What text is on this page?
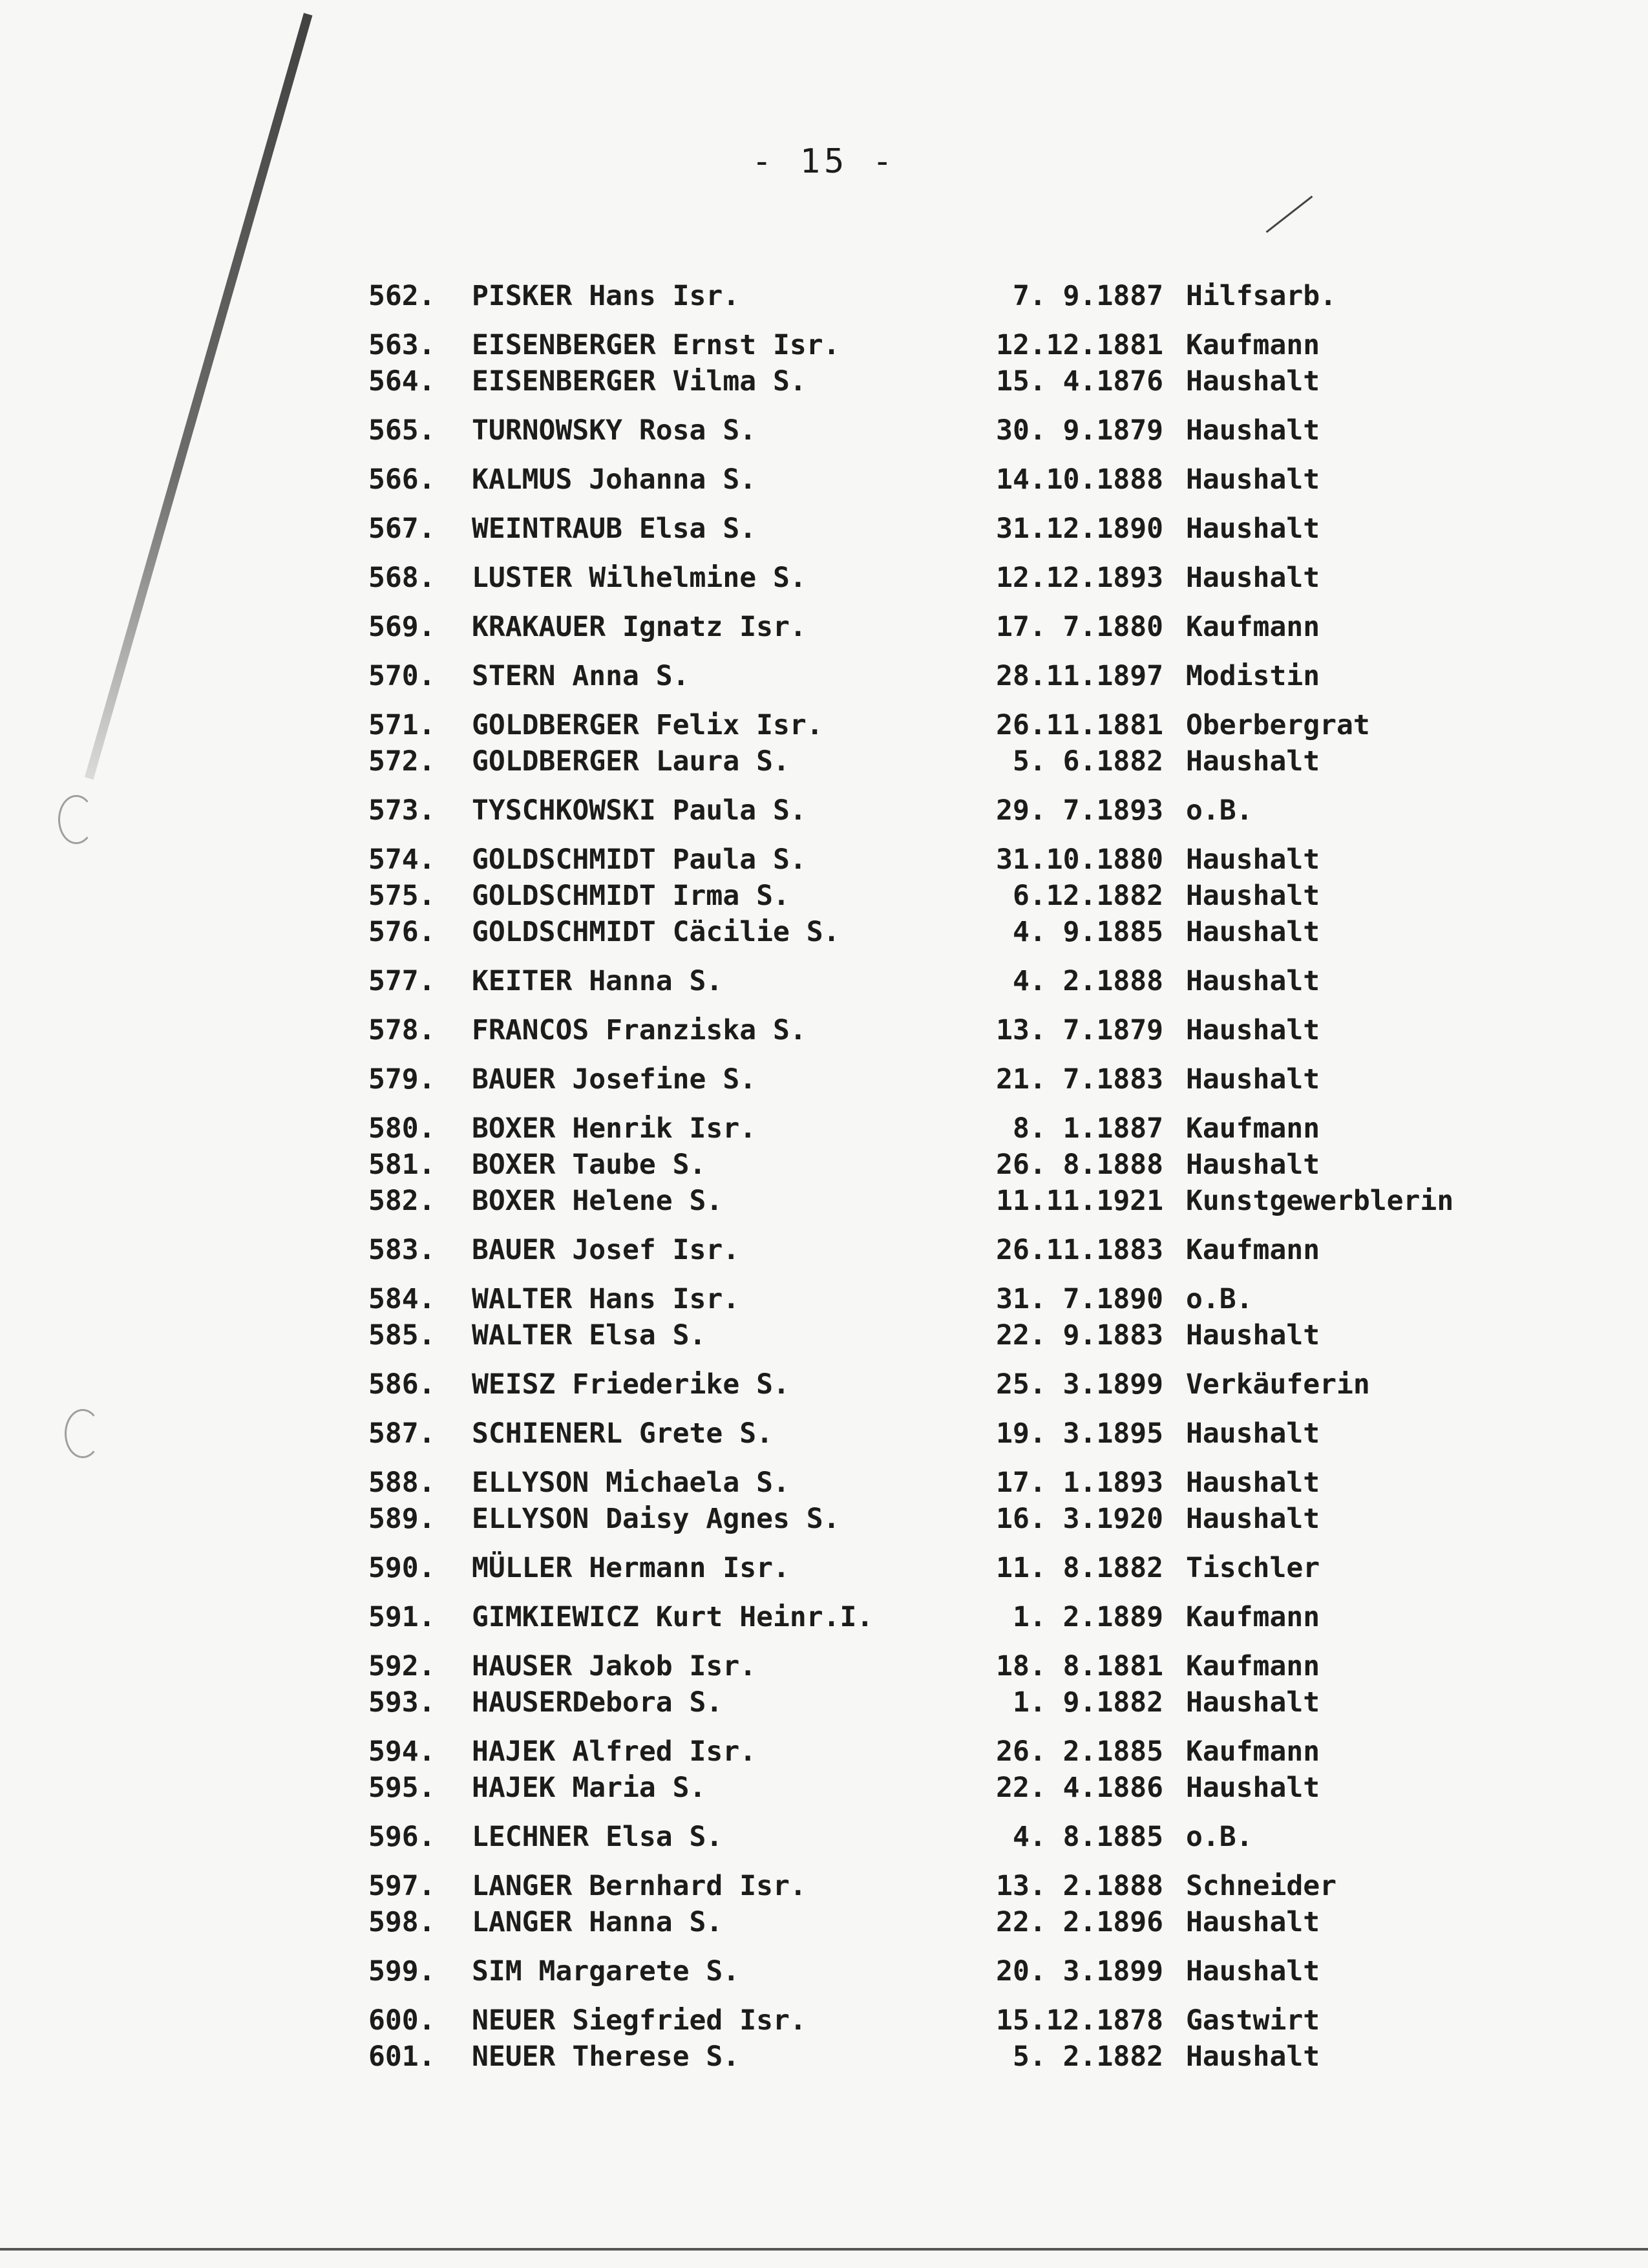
- 15 -
562.	PISKER Hans Isr.	7. 9.1887 Hilfsarb.
563.	EISENBERGER Ernst Isr.	12.12.1881 Kaufmann
564.	EISENBERGER Vilma S.	15. 4.1876 Haushalt
565.	TURNOWSKY Rosa S.	30. 9.1879 Haushalt
566.	KALMUS Johanna S.	14.10.1888 Haushalt
567.	WEINTRAUB Elsa S.	31.12.1890 Haushalt
568.	LUSTER Wilhelmine S.	12.12.1893 Haushalt
569.	KRAKAUER Ignatz Isr.	17. 7.1880 Kaufmann
570.	STERN Anna S.	28.11.1897 Modistin
571.	GOLDBERGER Felix Isr.	26.11.1881 Oberbergrat
572.	GOLDBERGER Laura S.	5. 6.1882 Haushalt
573.	TYSCHKOWSKI Paula S.	29. 7.1893 o.B.
574.	GOLDSCHMIDT Paula S.	31.10.1880 Haushalt
575.	GOLDSCHMIDT Irma S.	6.12.1882 Haushalt
576.	GOLDSCHMIDT Cäcilie S.	4. 9.1885 Haushalt
577.	KEITER Hanna S.	4. 2.1888 Haushalt
578.	FRANCOS Franziska S.	13. 7.1879 Haushalt
579.	BAUER Josefine S.	21. 7.1883 Haushalt
580.	BOXER Henrik Isr.	8. 1.1887 Kaufmann
581.	BOXER Taube S.	26. 8.1888 Haushalt
582.	BOXER Helene S.	11.11.1921 Kunstgewerblerin
583.	BAUER Josef Isr.	26.11.1883 Kaufmann
584.	WALTER Hans Isr.	31. 7.1890 o.B.
585.	WALTER Elsa S.	22. 9.1883 Haushalt
586.	WEISZ Friederike S.	25. 3.1899 Verkäuferin
587.	SCHIENERL Grete S.	19. 3.1895 Haushalt
588.	ELLYSON Michaela S.	17. 1.1893 Haushalt
589.	ELLYSON Daisy Agnes S.	16. 3.1920 Haushalt
590.	MÜLLER Hermann Isr.	11. 8.1882 Tischler
591.	GIMKIEWICZ Kurt Heinr.I.	1. 2.1889 Kaufmann
592.	HAUSER Jakob Isr.	18. 8.1881 Kaufmann
593.	HAUSERDebora S.	1. 9.1882 Haushalt
594.	HAJEK Alfred Isr.	26. 2.1885 Kaufmann
595.	HAJEK Maria S.	22. 4.1886 Haushalt
596.	LECHNER Elsa S.	4. 8.1885 o.B.
597.	LANGER Bernhard Isr.	13. 2.1888 Schneider
598.	LANGER Hanna S.	22. 2.1896 Haushalt
599.	SIM Margarete S.	20. 3.1899 Haushalt
600.	NEUER Siegfried Isr.	15.12.1878 Gastwirt
601.	NEUER Therese S.	5. 2.1882 Haushalt
